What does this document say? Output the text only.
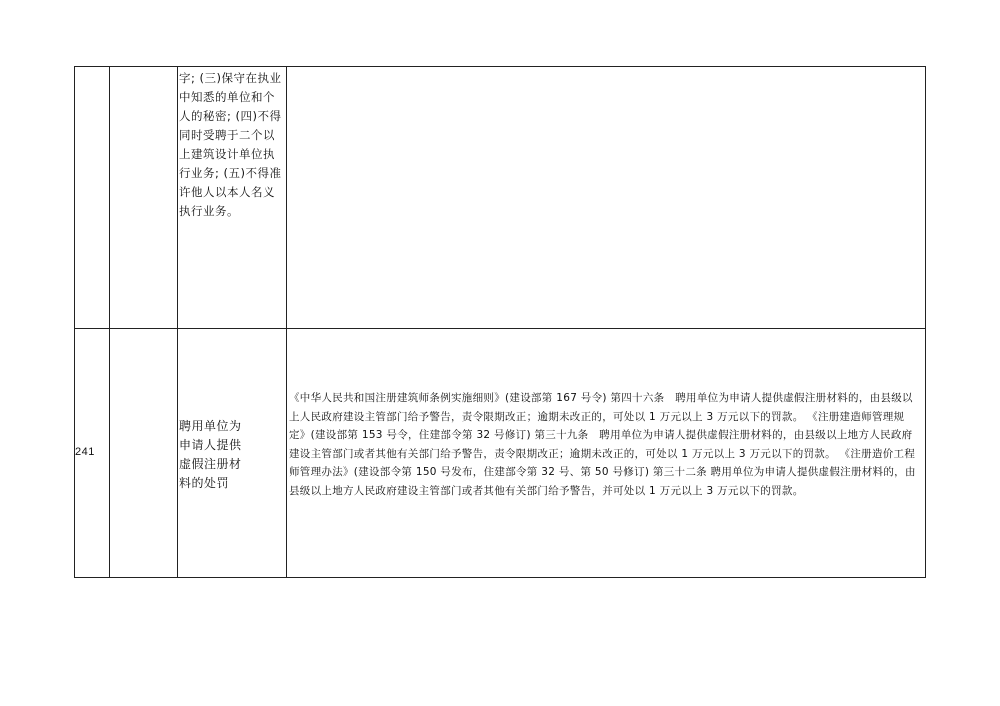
字; (三)保守在执业
中知悉的单位和个
人的秘密; (四)不得
同时受聘于二个以
上建筑设计单位执
行业务; (五)不得准
许他人以本人名义
执行业务。
241
聘用单位为
申请人提供
虚假注册材
料的处罚
《中华人民共和国注册建筑师条例实施细则》(建设部第 167 号令) 第四十六条　聘用单位为申请人提供虚假注册材料的，由县级以上人民政府建设主管部门给予警告，责令限期改正；逾期未改正的，可处以 1 万元以上 3 万元以下的罚款。 《注册建造师管理规定》(建设部第 153 号令，住建部令第 32 号修订) 第三十九条　聘用单位为申请人提供虚假注册材料的，由县级以上地方人民政府建设主管部门或者其他有关部门给予警告，责令限期改正；逾期未改正的，可处以 1 万元以上 3 万元以下的罚款。 《注册造价工程师管理办法》(建设部令第 150 号发布，住建部令第 32 号、第 50 号修订) 第三十二条 聘用单位为申请人提供虚假注册材料的，由县级以上地方人民政府建设主管部门或者其他有关部门给予警告，并可处以 1 万元以上 3 万元以下的罚款。
